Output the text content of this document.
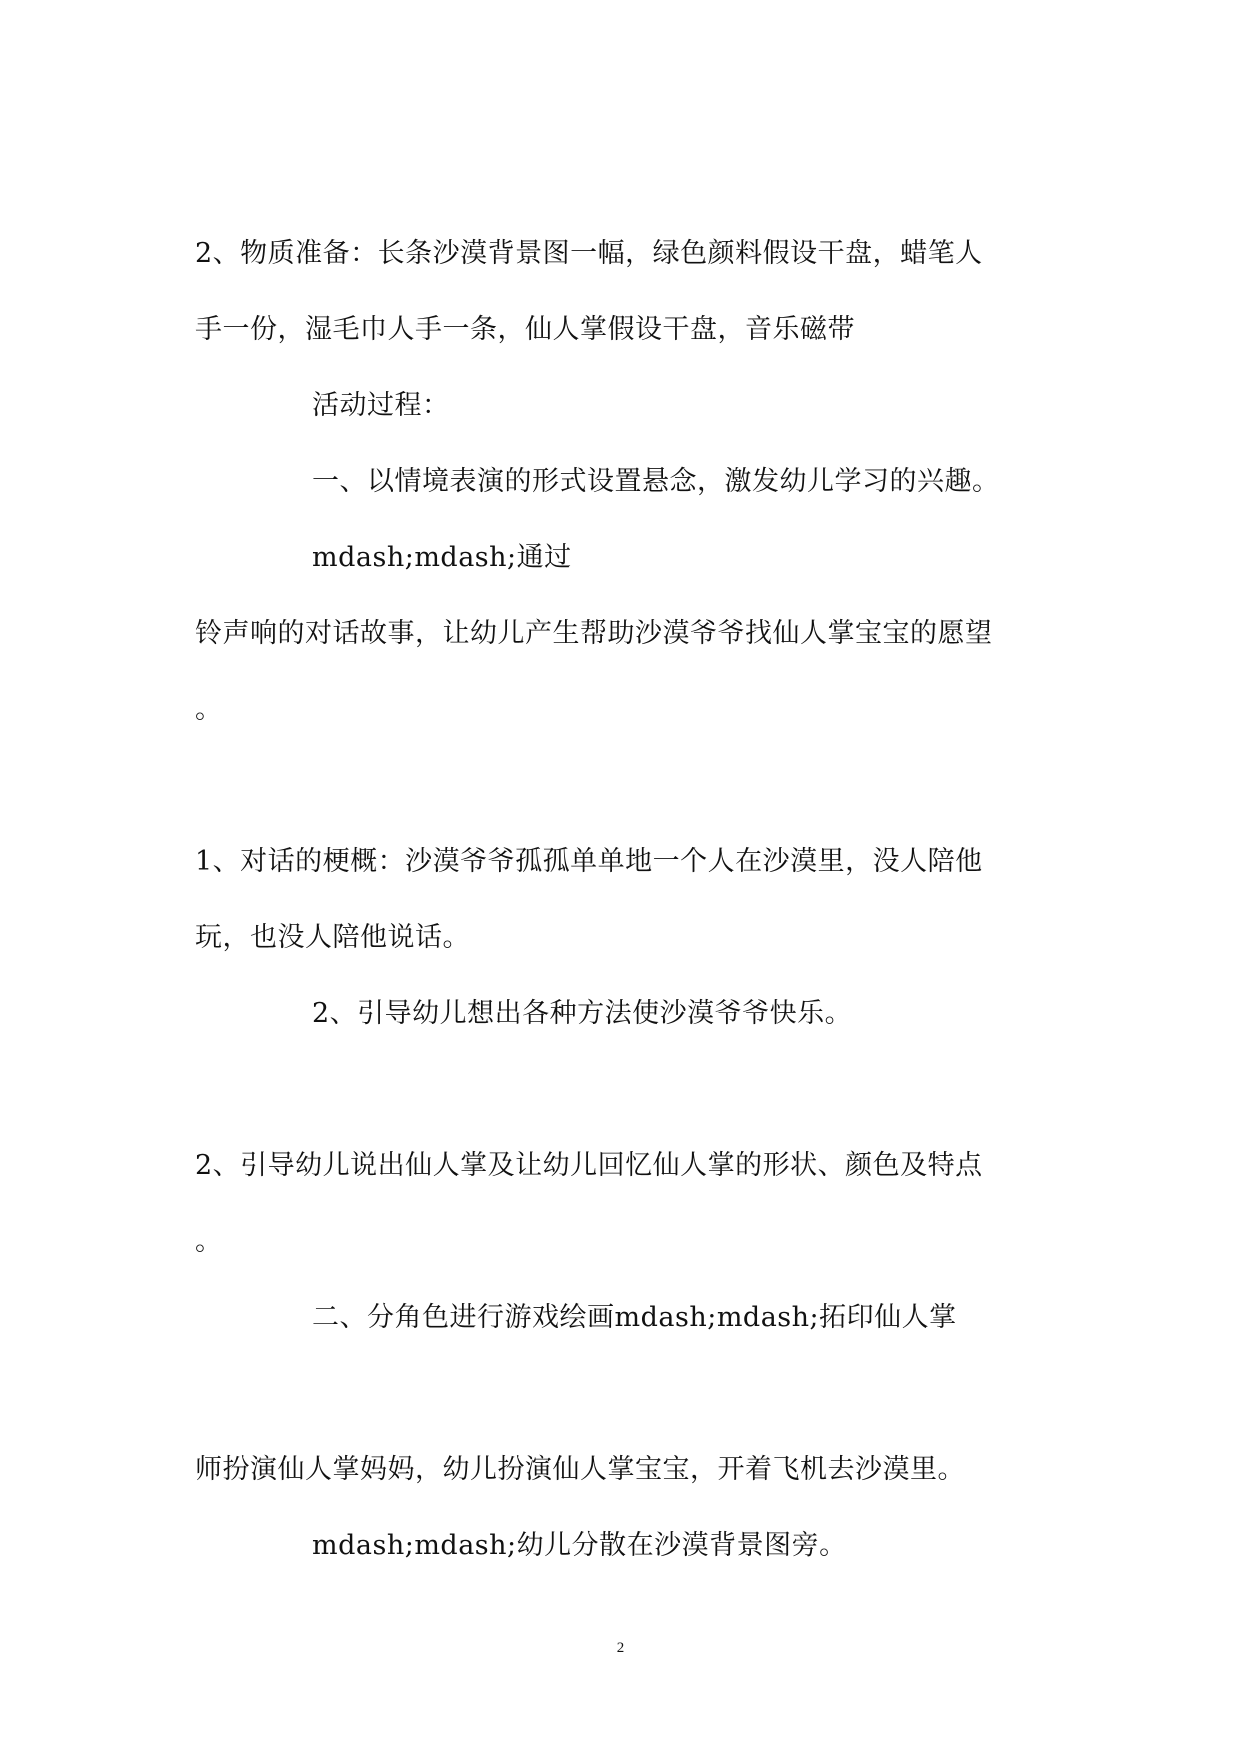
2、物质准备：长条沙漠背景图一幅，绿色颜料假设干盘，蜡笔人
手一份，湿毛巾人手一条，仙人掌假设干盘，音乐磁带
活动过程：
一、以情境表演的形式设置悬念，激发幼儿学习的兴趣。
mdash;mdash;通过
铃声响的对话故事，让幼儿产生帮助沙漠爷爷找仙人掌宝宝的愿望
。
1、对话的梗概：沙漠爷爷孤孤单单地一个人在沙漠里，没人陪他
玩，也没人陪他说话。
2、引导幼儿想出各种方法使沙漠爷爷快乐。
2、引导幼儿说出仙人掌及让幼儿回忆仙人掌的形状、颜色及特点
。
二、分角色进行游戏绘画mdash;mdash;拓印仙人掌
师扮演仙人掌妈妈，幼儿扮演仙人掌宝宝，开着飞机去沙漠里。
mdash;mdash;幼儿分散在沙漠背景图旁。
2
